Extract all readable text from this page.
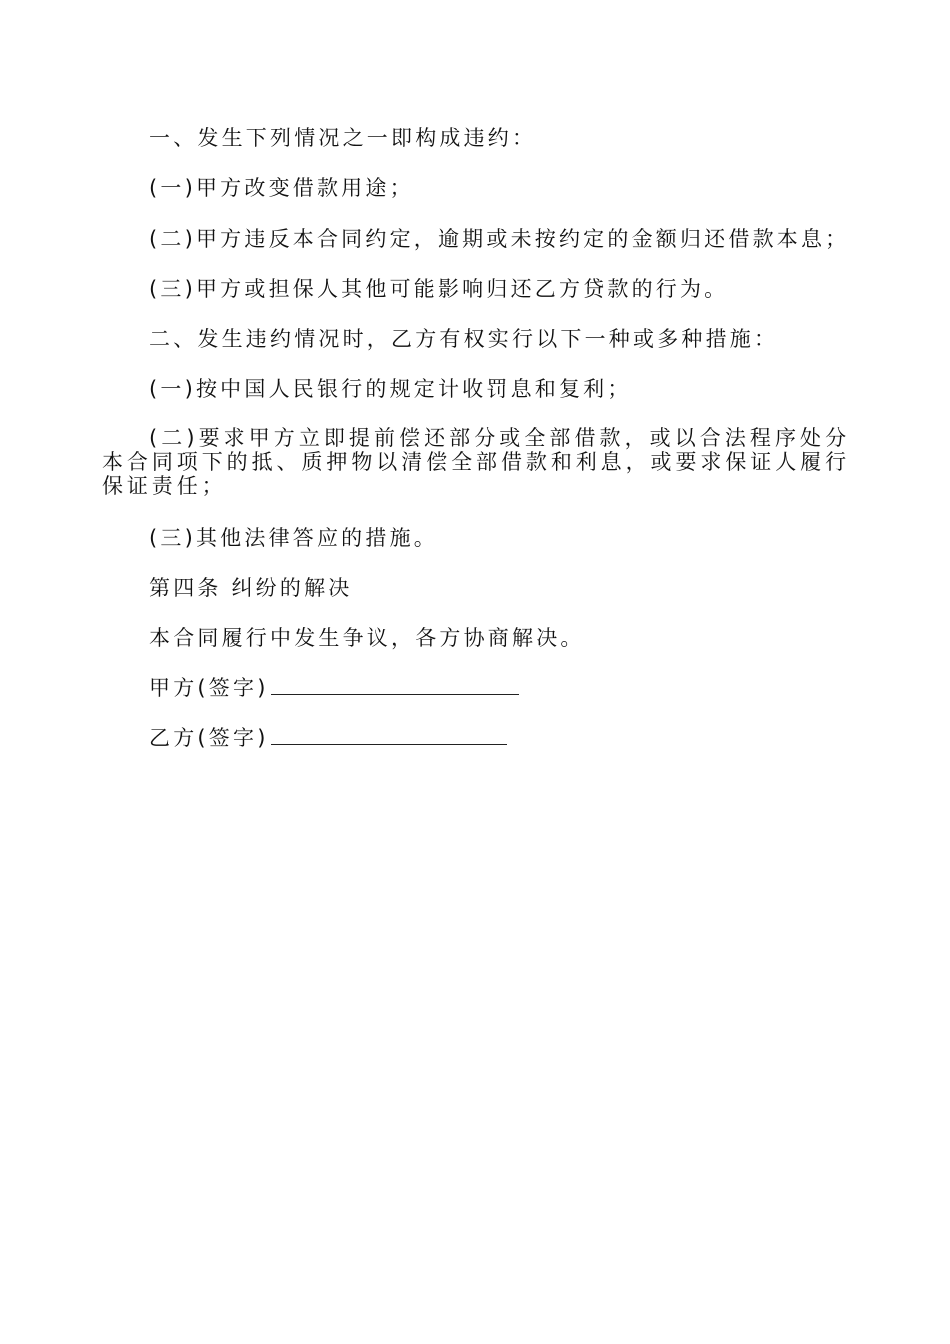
一、发生下列情况之一即构成违约：

(一)甲方改变借款用途；

(二)甲方违反本合同约定，逾期或未按约定的金额归还借款本息；

(三)甲方或担保人其他可能影响归还乙方贷款的行为。

二、发生违约情况时，乙方有权实行以下一种或多种措施：

(一)按中国人民银行的规定计收罚息和复利；

(二)要求甲方立即提前偿还部分或全部借款，或以合法程序处分本合同项下的抵、质押物以清偿全部借款和利息，或要求保证人履行保证责任；

(三)其他法律答应的措施。

第四条 纠纷的解决

本合同履行中发生争议，各方协商解决。

甲方(签字)

乙方(签字)
